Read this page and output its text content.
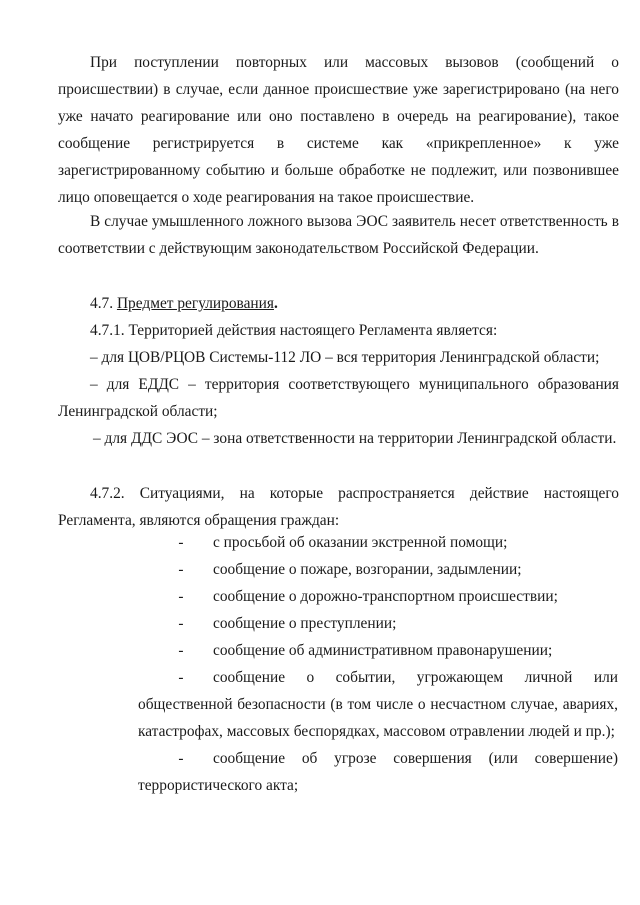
При поступлении повторных или массовых вызовов (сообщений о происшествии) в случае, если данное происшествие уже зарегистрировано (на него уже начато реагирование или оно поставлено в очередь на реагирование), такое сообщение регистрируется в системе как «прикрепленное» к уже зарегистрированному событию и больше обработке не подлежит, или позвонившее лицо оповещается о ходе реагирования на такое происшествие.

В случае умышленного ложного вызова ЭОС заявитель несет ответственность в соответствии с действующим законодательством Российской Федерации.

4.7. Предмет регулирования.

4.7.1. Территорией действия настоящего Регламента является:

– для ЦОВ/РЦОВ Системы-112 ЛО – вся территория Ленинградской области;

– для ЕДДС – территория соответствующего муниципального образования Ленинградской области;

– для ДДС ЭОС – зона ответственности на территории Ленинградской области.

4.7.2. Ситуациями, на которые распространяется действие настоящего Регламента, являются обращения граждан:

- с просьбой об оказании экстренной помощи;
- сообщение о пожаре, возгорании, задымлении;
- сообщение о дорожно-транспортном происшествии;
- сообщение о преступлении;
- сообщение об административном правонарушении;
- сообщение о событии, угрожающем личной или
общественной безопасности (в том числе о несчастном случае, авариях, катастрофах, массовых беспорядках, массовом отравлении людей и пр.);
- сообщение об угрозе совершения (или совершение)
террористического акта;
